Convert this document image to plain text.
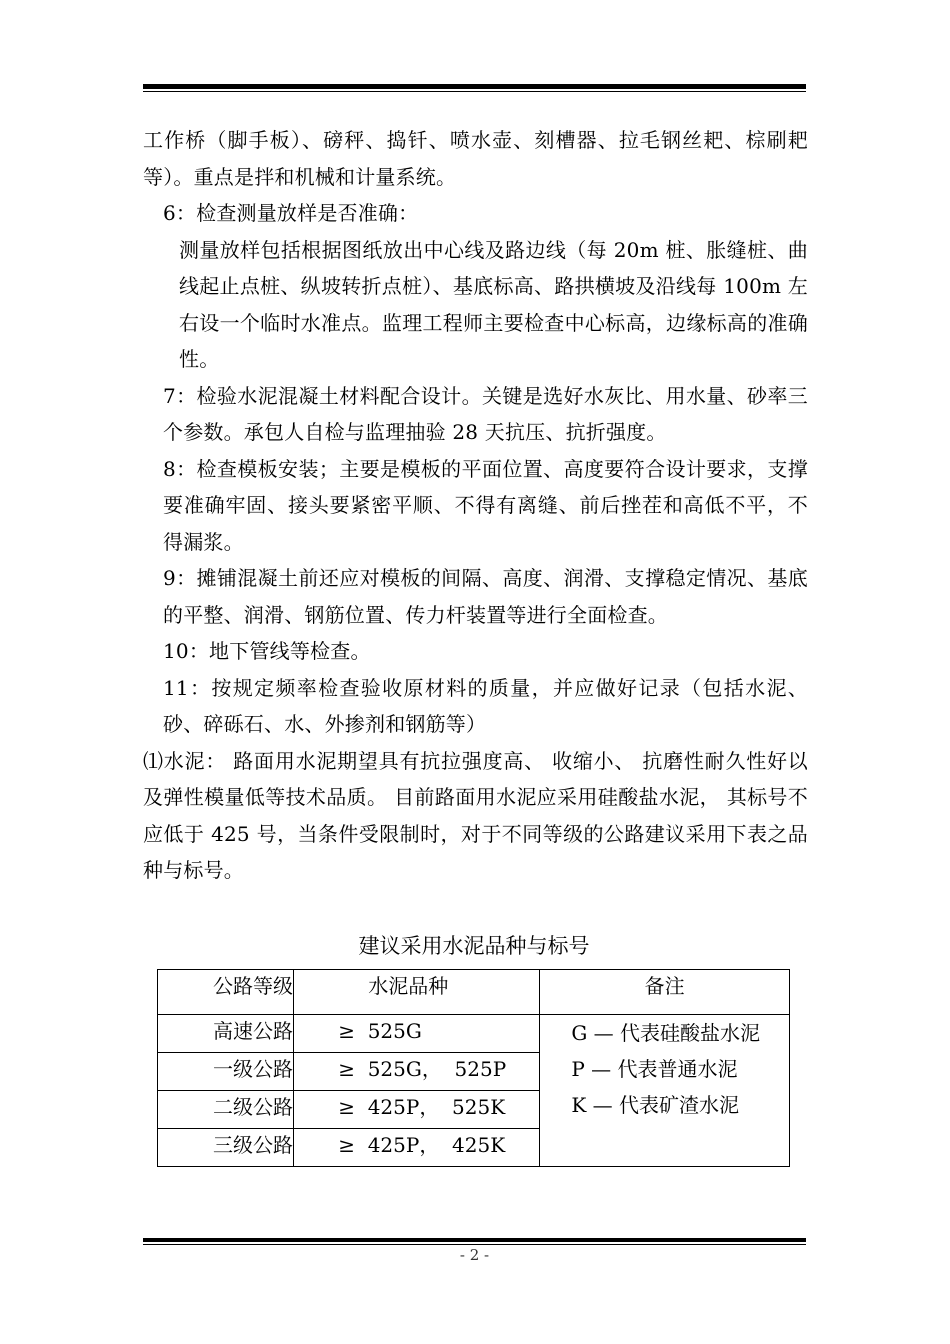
工作桥（脚手板）、磅秤、捣钎、喷水壶、刻槽器、拉毛钢丝耙、棕刷耙等）。重点是拌和机械和计量系统。

6：检查测量放样是否准确：

测量放样包括根据图纸放出中心线及路边线（每 20m 桩、胀缝桩、曲线起止点桩、纵坡转折点桩）、基底标高、路拱横坡及沿线每 100m 左右设一个临时水准点。监理工程师主要检查中心标高，边缘标高的准确性。

7：检验水泥混凝土材料配合设计。关键是选好水灰比、用水量、砂率三个参数。承包人自检与监理抽验 28 天抗压、抗折强度。

8：检查模板安装；主要是模板的平面位置、高度要符合设计要求，支撑要准确牢固、接头要紧密平顺、不得有离缝、前后挫茬和高低不平，不得漏浆。

9：摊铺混凝土前还应对模板的间隔、高度、润滑、支撑稳定情况、基底的平整、润滑、钢筋位置、传力杆装置等进行全面检查。

10：地下管线等检查。

11：按规定频率检查验收原材料的质量，并应做好记录（包括水泥、砂、碎砾石、水、外掺剂和钢筋等）

⑴水泥： 路面用水泥期望具有抗拉强度高、 收缩小、 抗磨性耐久性好以及弹性模量低等技术品质。 目前路面用水泥应采用硅酸盐水泥， 其标号不应低于 425 号，当条件受限制时，对于不同等级的公路建议采用下表之品种与标号。

建议采用水泥品种与标号
公路等级	水泥品种	备注
高速公路	≥  525G	G — 代表硅酸盐水泥
P — 代表普通水泥
K — 代表矿渣水泥

一级公路	≥  525G，  525P	
二级公路	≥  425P，  525K	
三级公路	≥  425P，  425K	
- 2 -
